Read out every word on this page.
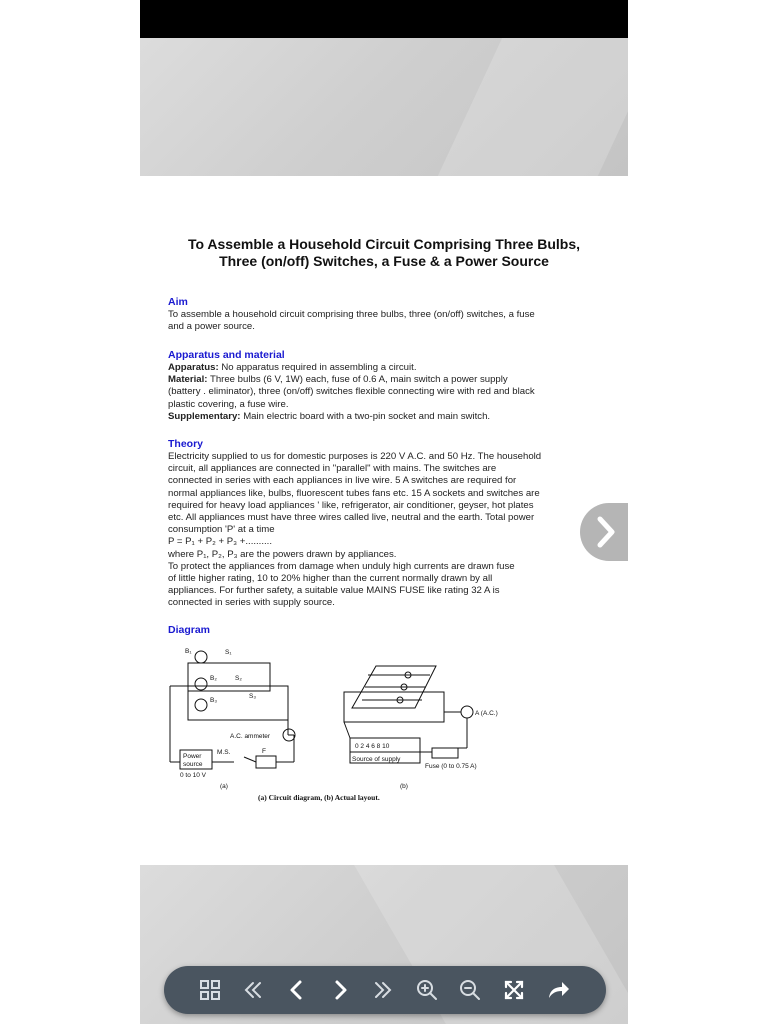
To Assemble a Household Circuit Comprising Three Bulbs,
Three (on/off) Switches, a Fuse & a Power Source
Aim
To assemble a household circuit comprising three bulbs, three (on/off) switches, a fuse
and a power source.
Apparatus and material
Apparatus: No apparatus required in assembling a circuit.
Material: Three bulbs (6 V, 1W) each, fuse of 0.6 A, main switch a power supply
(battery . eliminator), three (on/off) switches flexible connecting wire with red and black
plastic covering, a fuse wire.
Supplementary: Main electric board with a two-pin socket and main switch.
Theory
Electricity supplied to us for domestic purposes is 220 V A.C. and 50 Hz. The household
circuit, all appliances are connected in "parallel" with mains. The switches are
connected in series with each appliances in live wire. 5 A switches are required for
normal appliances like, bulbs, fluorescent tubes fans etc. 15 A sockets and switches are
required for heavy load appliances ' like, refrigerator, air conditioner, geyser, hot plates
etc. All appliances must have three wires called live, neutral and the earth. Total power
consumption 'P' at a time
P = P₁ + P₂ + P₃ +..........
where P₁, P₂, P₃ are the powers drawn by appliances.
To protect the appliances from damage when unduly high currents are drawn fuse
of little higher rating, 10 to 20% higher than the current normally drawn by all
appliances. For further safety, a suitable value MAINS FUSE like rating 32 A is
connected in series with supply source.
Diagram
B₁	S₁
B₂	S₂
B₃
S₃
A.C. ammeter
M.S.	F
Power
source
0 to 10 V
(a)
A (A.C.)
0 2 4 6 8 10
Source of supply
Fuse (0 to 0.75 A)
(b)
(a) Circuit diagram, (b) Actual layout.
